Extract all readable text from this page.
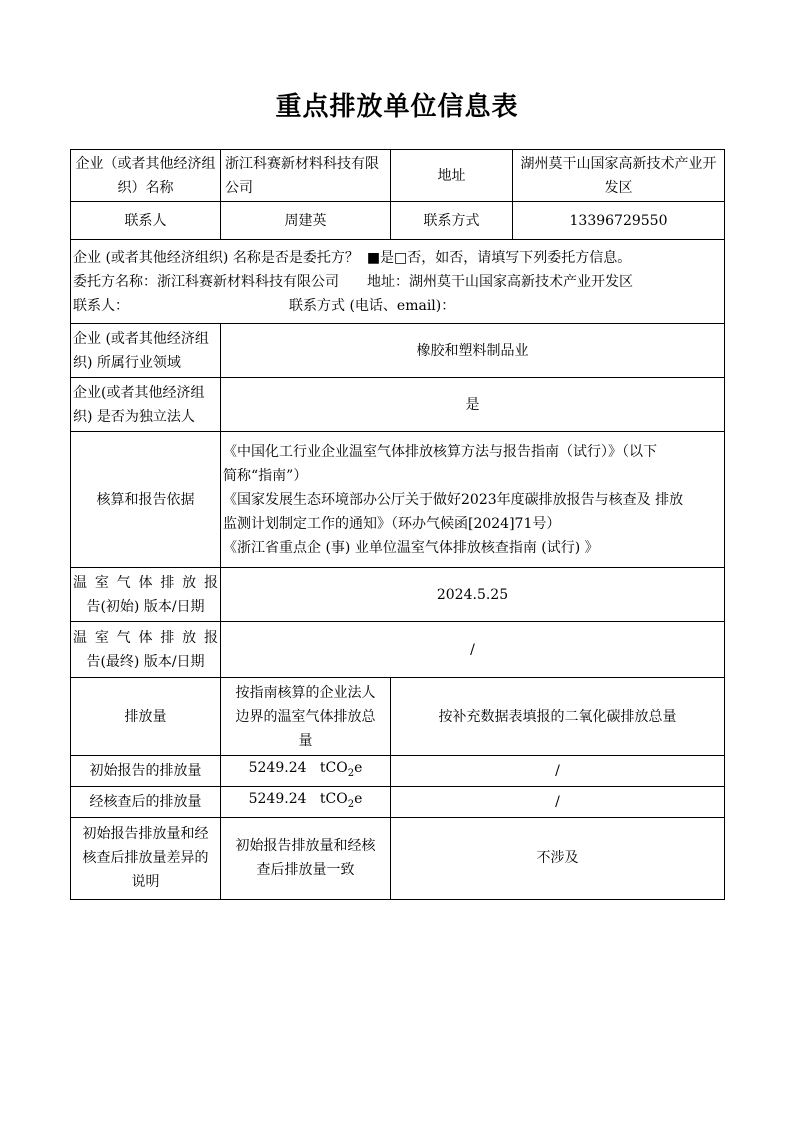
重点排放单位信息表
企业（或者其他经济组织）名称	浙江科赛新材料科技有限公司	地址	湖州莫干山国家高新技术产业开发区
联系人	周建英	联系方式	13396729550

企业 (或者其他经济组织) 名称是否是委托方？ ■是□否，如否，请填写下列委托方信息。
委托方名称：浙江科赛新材料科技有限公司 地址：湖州莫干山国家高新技术产业开发区
联系人： 联系方式 (电话、email)：			

企业 (或者其他经济组
织) 所属行业领域	橡胶和塑料制品业		

企业(或者其他经济组
织) 是否为独立法人	是		
核算和报告依据	《中国化工行业企业温室气体排放核算方法与报告指南（试行）》（以下
简称“指南”）
《国家发展生态环境部办公厅关于做好2023年度碳排放报告与核查及 排放
监测计划制定工作的通知》（环办气候函[2024]71号）
《浙江省重点企 (事) 业单位温室气体排放核查指南 (试行) 》		

温室气体排放报
告(初始) 版本/日期	2024.5.25		

温室气体排放报
告(最终) 版本/日期	/		
排放量	按指南核算的企业法人
边界的温室气体排放总
量	按补充数据表填报的二氧化碳排放总量	
初始报告的排放量	5249.24 tCO$_2$e	/	
经核查后的排放量	5249.24 tCO$_2$e	/	

初始报告排放量和经
核查后排放量差异的
说明	初始报告排放量和经核
查后排放量一致	不涉及	
